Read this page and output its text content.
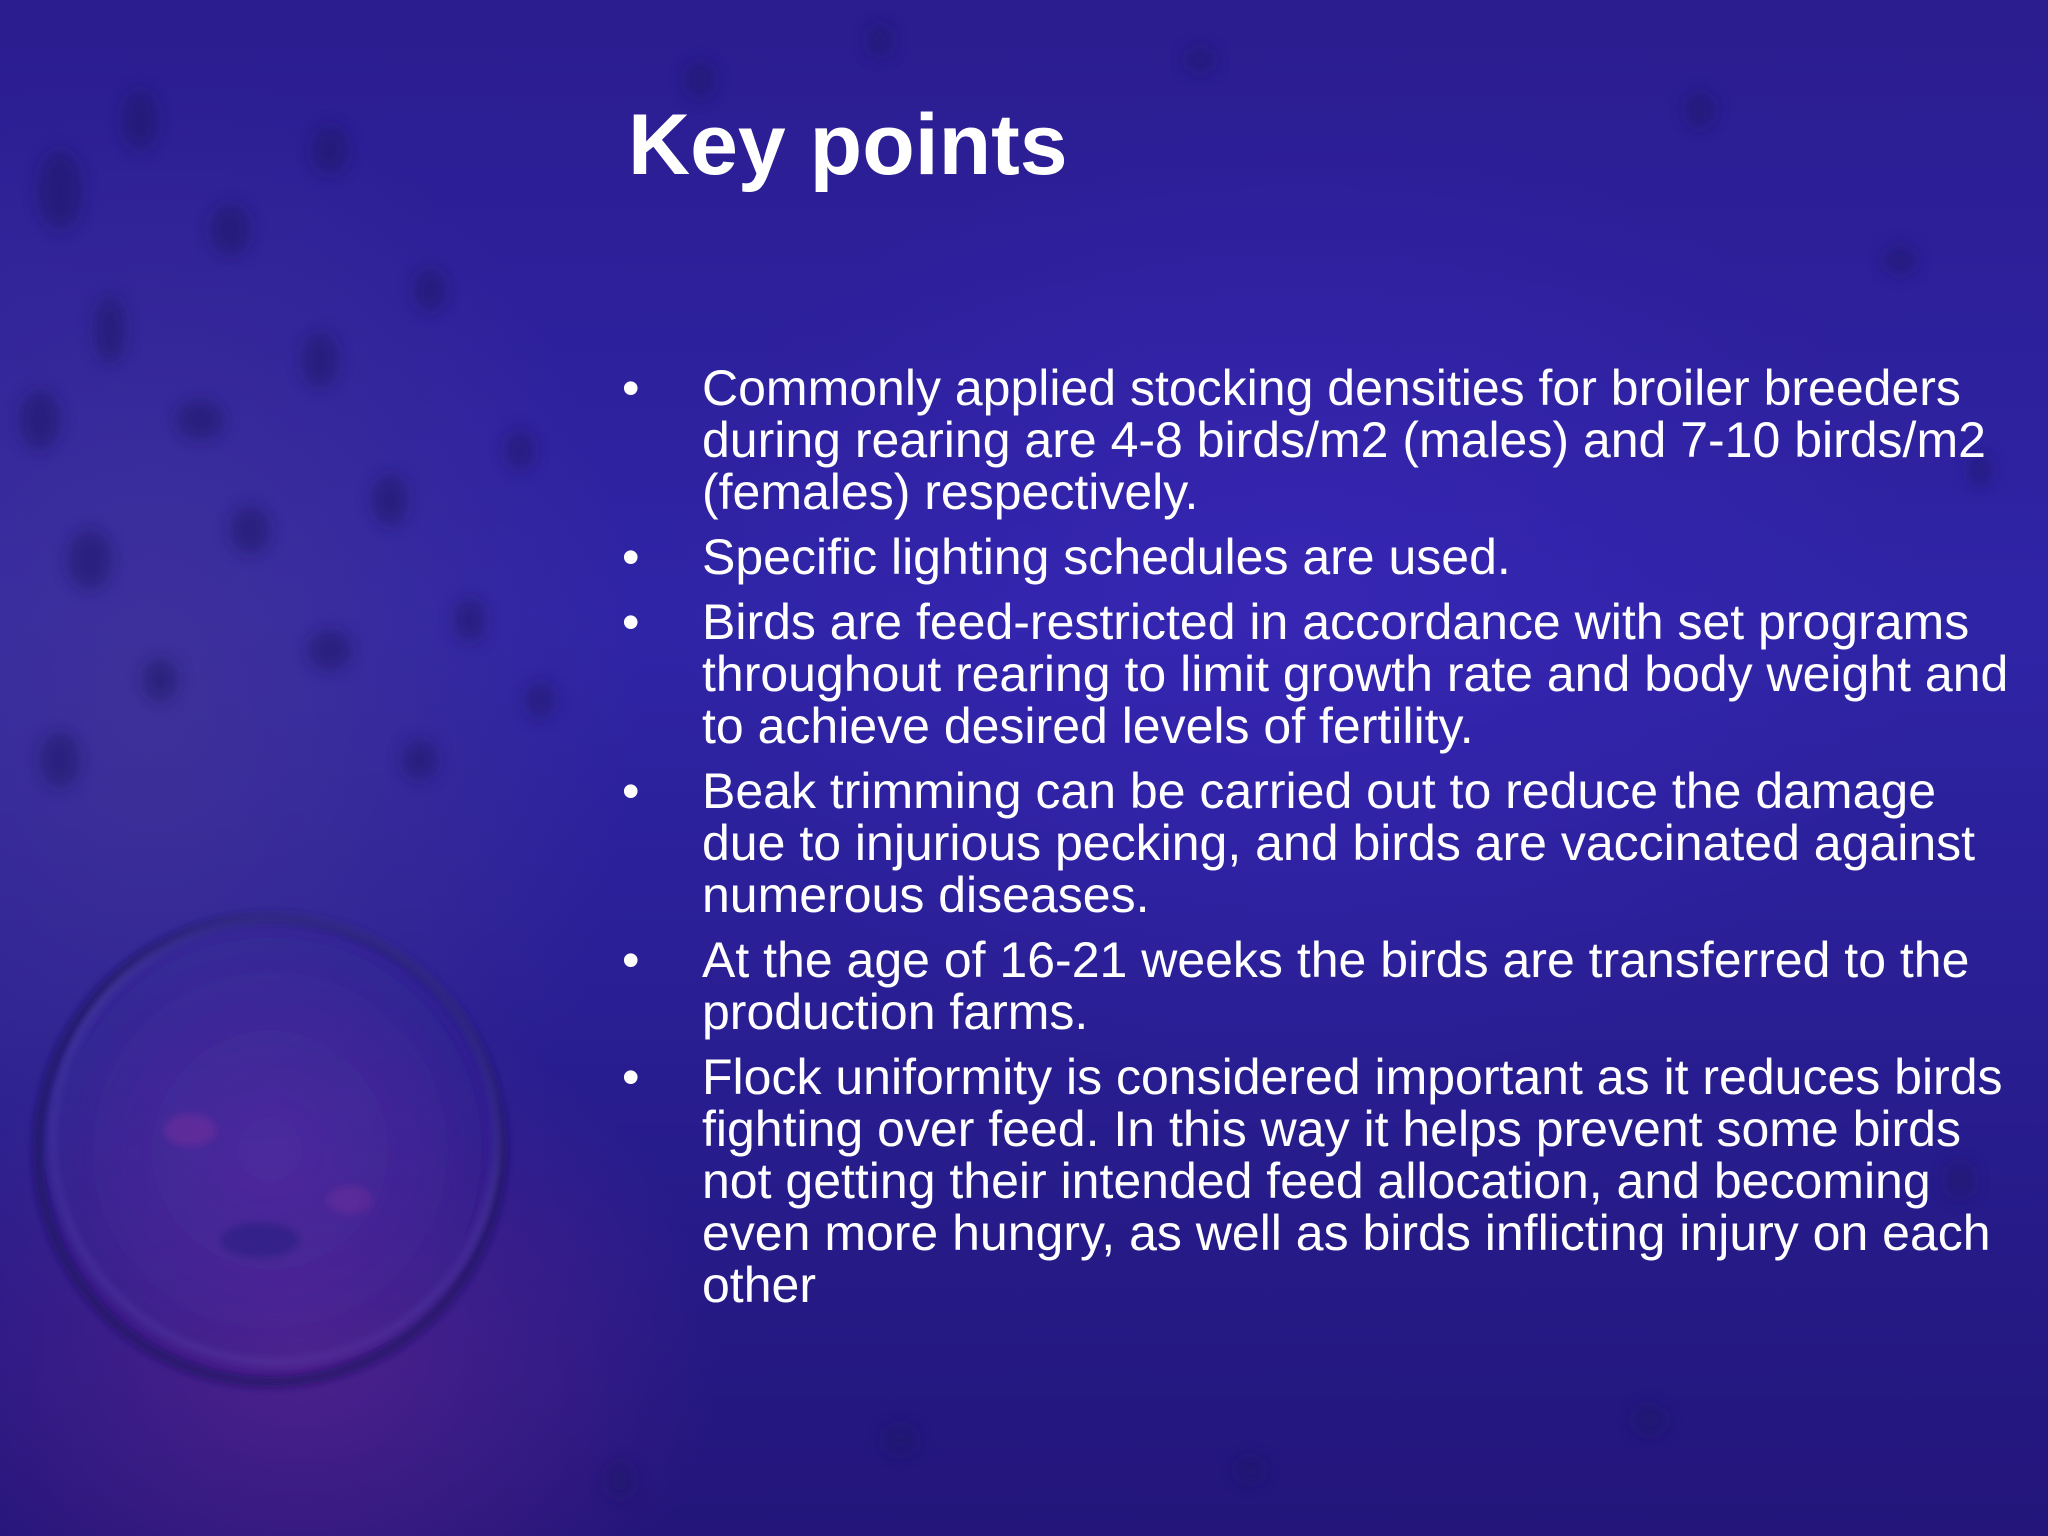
Key points
• Commonly applied stocking densities for broiler breeders during rearing are 4-8 birds/m2 (males) and 7-10 birds/m2 (females) respectively.
• Specific lighting schedules are used.
• Birds are feed-restricted in accordance with set programs throughout rearing to limit growth rate and body weight and to achieve desired levels of fertility.
• Beak trimming can be carried out to reduce the damage due to injurious pecking, and birds are vaccinated against numerous diseases.
• At the age of 16-21 weeks the birds are transferred to the production farms.
• Flock uniformity is considered important as it reduces birds fighting over feed. In this way it helps prevent some birds not getting their intended feed allocation, and becoming even more hungry, as well as birds inflicting injury on each other
